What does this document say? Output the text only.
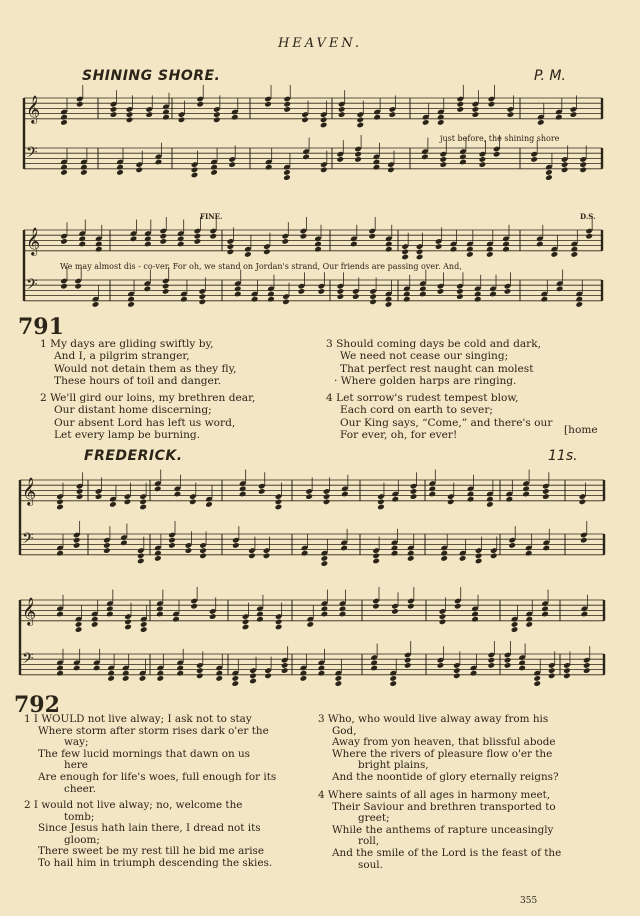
HEAVEN.
SHINING SHORE.	P. M.
𝄞
𝄢
just before, the shining shore
FINE.	D.S.
𝄞
𝄢
We may almost dis - co-ver. For oh, we stand on Jordan's strand, Our friends are passing over. And,
791
1 My days are gliding swiftly by,
And I, a pilgrim stranger,
Would not detain them as they fly,
These hours of toil and danger.
2 We'll gird our loins, my brethren dear,
Our distant home discerning;
Our absent Lord has left us word,
Let every lamp be burning.
3 Should coming days be cold and dark,
We need not cease our singing;
That perfect rest naught can molest
· Where golden harps are ringing.
4 Let sorrow's rudest tempest blow,
Each cord on earth to sever;
Our King says, “Come,” and there's our
For ever, oh, for ever!	[home
FREDERICK.	11s.
𝄞
𝄢
𝄞
𝄢
792
1 I WOULD not live alway; I ask not to stay
Where storm after storm rises dark o'er the
way;
The few lucid mornings that dawn on us
here
Are enough for life's woes, full enough for its
cheer.
2 I would not live alway; no, welcome the
tomb;
Since Jesus hath lain there, I dread not its
gloom;
There sweet be my rest till he bid me arise
To hail him in triumph descending the skies.
3 Who, who would live alway away from his
God,
Away from yon heaven, that blissful abode
Where the rivers of pleasure flow o'er the
bright plains,
And the noontide of glory eternally reigns?
4 Where saints of all ages in harmony meet,
Their Saviour and brethren transported to
greet;
While the anthems of rapture unceasingly
roll,
And the smile of the Lord is the feast of the
soul.
355
